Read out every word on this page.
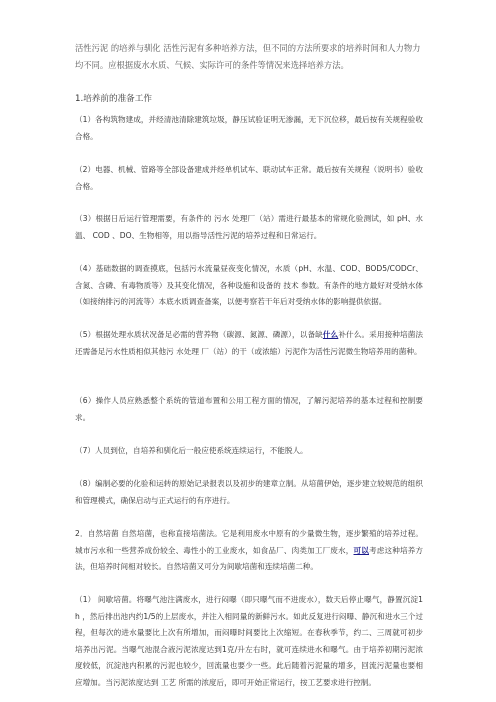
活性污泥 的培养与驯化 活性污泥有多种培养方法，但不同的方法所要求的培养时间和人力物力均不同。应根据废水水质、气候、实际许可的条件等情况来选择培养方法。

1.培养前的准备工作

（1）各构筑物建成，并经清池清除建筑垃圾，静压试验证明无渗漏，无下沉位移，最后按有关规程验收合格。

（2）电器、机械、管路等全部设备建成并经单机试车、联动试车正常。最后按有关规程（说明书）验收合格。

（3）根据日后运行管理需要，有条件的 污水 处理厂（站）需进行最基本的常规化验测试，如 pH、水温、 COD 、DO、生物相等，用以指导活性污泥的培养过程和日常运行。

（4）基础数据的调查摸底，包括污水流量昼夜变化情况，水质（pH、水温、COD、BOD5/CODCr、含氮、含磷、有毒物质等）及其变化情况，各种设施和设备的 技术 参数。有条件的地方最好对受纳水体（如接纳排污的河流等）本底水质调查备案，以便考察若干年后对受纳水体的影响提供依据。

（5）根据处理水质状况备足必需的营养物（碳源、氮源、磷源），以备缺什么补什么。采用接种培菌法还需备足污水性质相似其他污 水处理 厂（站）的干（或浓缩）污泥作为活性污泥微生物培养用的菌种。

（6）操作人员应熟悉整个系统的管道布置和公用工程方面的情况，了解污泥培养的基本过程和控制要求。

（7）人员到位，自培养和驯化后一般应使系统连续运行，不能脱人。

（8）编制必要的化验和运转的原始记录报表以及初步的建章立制。从培菌伊始，逐步建立较规范的组织和管理模式，确保启动与正式运行的有序进行。

2．自然培菌 自然培菌，也称直接培菌法。它是利用废水中原有的少量微生物，逐步繁殖的培养过程。城市污水和一些营养成份较全、毒性小的工业废水，如食品厂、肉类加工厂废水，可以考虑这种培养方法，但培养时间相对较长。自然培菌又可分为间歇培菌和连续培菌二种。

（1） 间歇培菌。将曝气池注满废水，进行闷曝（即只曝气而不进废水），数天后停止曝气，静置沉淀1 h ，然后排出池内约1/5的上层废水，并注入相同量的新鲜污水。如此反复进行闷曝、静沉和进水三个过程，但每次的进水量要比上次有所增加，而闷曝时间要比上次缩短。在春秋季节，约二、三周就可初步培养出污泥。当曝气池混合液污泥浓度达到1克/升左右时，就可连续进水和曝气。由于培养初期污泥浓度较低，沉淀池内积累的污泥也较少，回流量也要少一些。此后随着污泥量的增多，回流污泥量也要相应增加。当污泥浓度达到 工艺 所需的浓度后，即可开始正常运行，按工艺要求进行控制。
